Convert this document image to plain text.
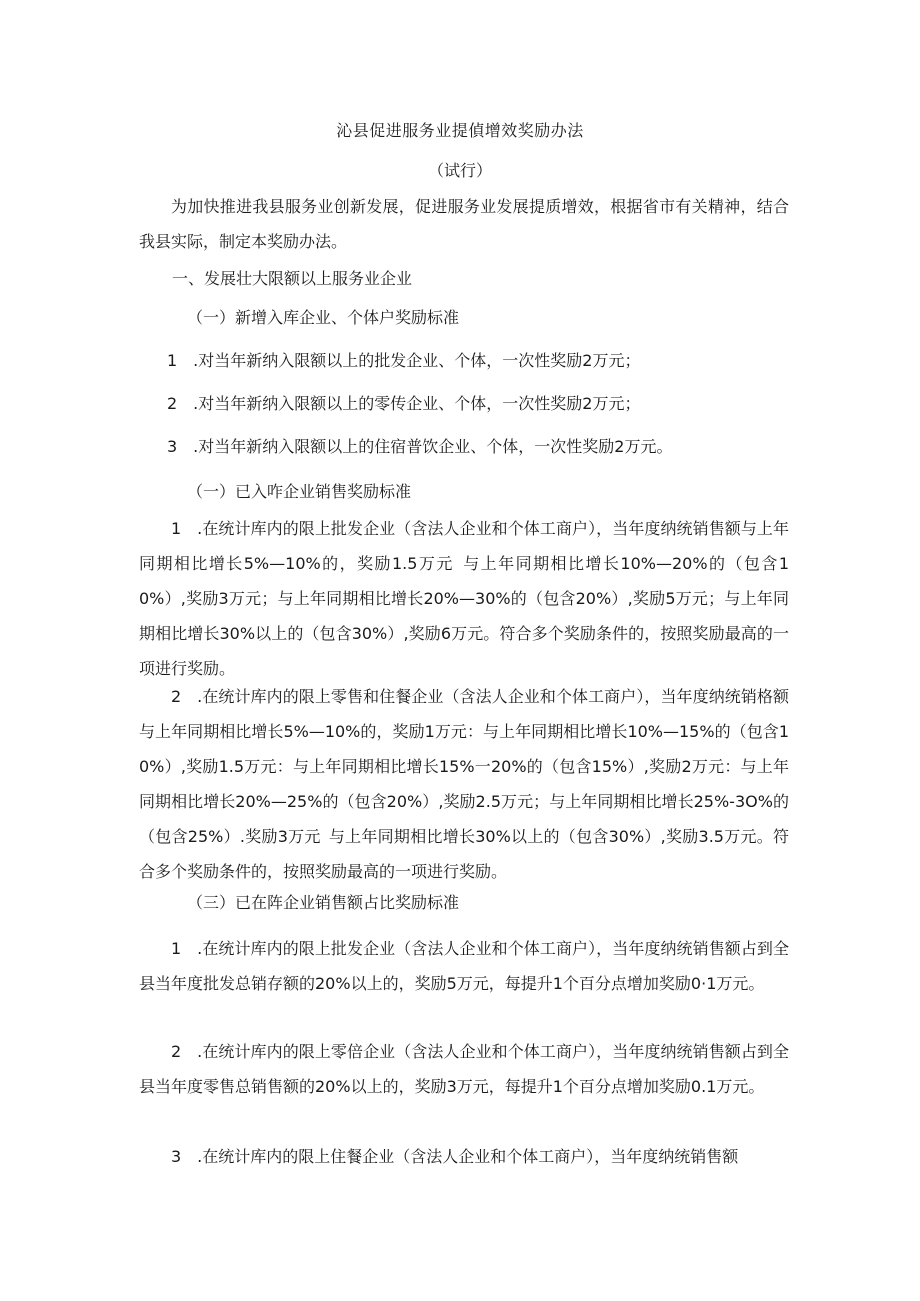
沁县促进服务业提偵增效奖励办法
（试行）

为加快推进我县服务业创新发展，促进服务业发展提质增效，根据省市有关精神，结合我县实际，制定本奖励办法。

一、发展壮大限额以上服务业企业

（一）新增入库企业、个体户奖励标准

1 .对当年新纳入限额以上的批发企业、个体，一次性奖励2万元；

2 .对当年新纳入限额以上的零传企业、个体，一次性奖励2万元；

3 .对当年新纳入限额以上的住宿普饮企业、个体，一次性奖励2万元。

（一）已入咋企业销售奖励标准

1 .在统计库内的限上批发企业（含法人企业和个体工商户），当年度纳统销售额与上年同期相比增长5%—10%的，奖励1.5万元 与上年同期相比增长10%—20%的（包含10%）,奖励3万元；与上年同期相比增长20%—30%的（包含20%）,奖励5万元；与上年同期相比增长30%以上的（包含30%）,奖励6万元。符合多个奖励条件的，按照奖励最高的一项进行奖励。

2 .在统计库内的限上零售和住餐企业（含法人企业和个体工商户），当年度纳统销格额与上年同期相比增长5%—10%的，奖励1万元：与上年同期相比增长10%—15%的（包含10%）,奖励1.5万元：与上年同期相比增长15%一20%的（包含15%）,奖励2万元：与上年同期相比增长20%—25%的（包含20%）,奖励2.5万元；与上年同期相比增长25%-3O%的（包含25%）.奖励3万元 与上年同期相比增长30%以上的（包含30%）,奖励3.5万元。符合多个奖励条件的，按照奖励最高的一项进行奖励。

（三）已在阵企业销售额占比奖励标准

1 .在统计库内的限上批发企业（含法人企业和个体工商户），当年度纳统销售额占到全县当年度批发总销存额的20%以上的，奖励5万元，每提升1个百分点增加奖励0·1万元。

2 .在统计库内的限上零倍企业（含法人企业和个体工商户），当年度纳统销售额占到全县当年度零售总销售额的20%以上的，奖励3万元，每提升1个百分点增加奖励0.1万元。

3 .在统计库内的限上住餐企业（含法人企业和个体工商户），当年度纳统销售额
